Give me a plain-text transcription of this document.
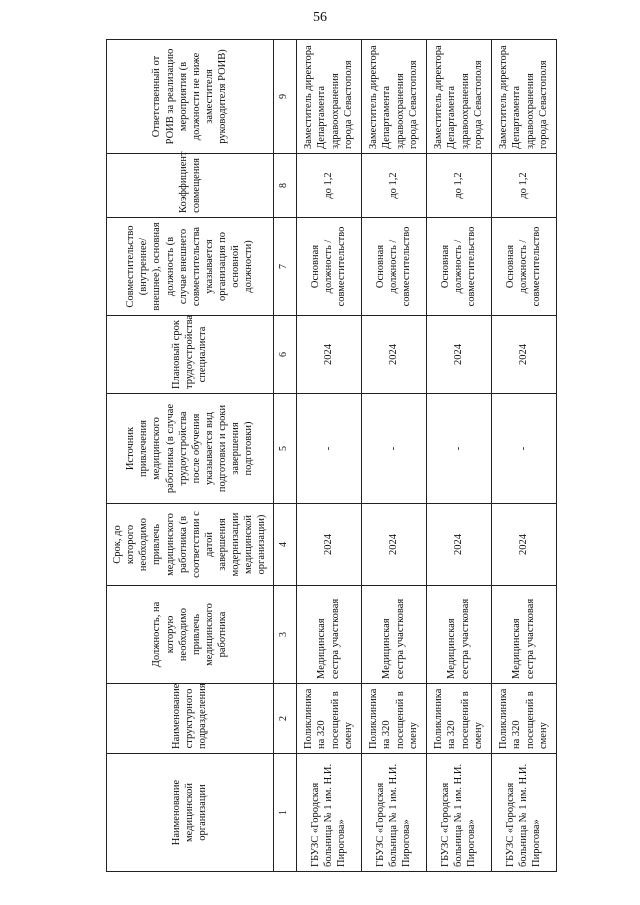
56
Наименование медицинской организации	Наименование структурного подразделения	Должность, на которую необходимо привлечь медицинского работника	Срок, до которого необходимо привлечь медицинского работника (в соответствии с датой завершения модернизации медицинской организации)	Источник привлечения медицинского работника (в случае трудоустройства после обучения указывается вид подготовки и сроки завершения подготовки)	Плановый срок трудоустройства специалиста	Совместительство (внутреннее/внешнее), основная должность (в случае внешнего совместительства указывается организация по основной должности)	Коэффициент совмещения	Ответственный от РОИВ за реализацию мероприятия (в должности не ниже заместителя руководителя РОИВ)
1	2	3	4	5	6	7	8	9
ГБУЗС «Городская больница № 1 им. Н.И. Пирогова»	Поликлиника на 320 посещений в смену	Медицинская сестра участковая	2024	-	2024	Основная должность / совместительство	до 1,2	Заместитель директора Департамента здравоохранения города Севастополя
ГБУЗС «Городская больница № 1 им. Н.И. Пирогова»	Поликлиника на 320 посещений в смену	Медицинская сестра участковая	2024	-	2024	Основная должность / совместительство	до 1,2	Заместитель директора Департамента здравоохранения города Севастополя
ГБУЗС «Городская больница № 1 им. Н.И. Пирогова»	Поликлиника на 320 посещений в смену	Медицинская сестра участковая	2024	-	2024	Основная должность / совместительство	до 1,2	Заместитель директора Департамента здравоохранения города Севастополя
ГБУЗС «Городская больница № 1 им. Н.И. Пирогова»	Поликлиника на 320 посещений в смену	Медицинская сестра участковая	2024	-	2024	Основная должность / совместительство	до 1,2	Заместитель директора Департамента здравоохранения города Севастополя
